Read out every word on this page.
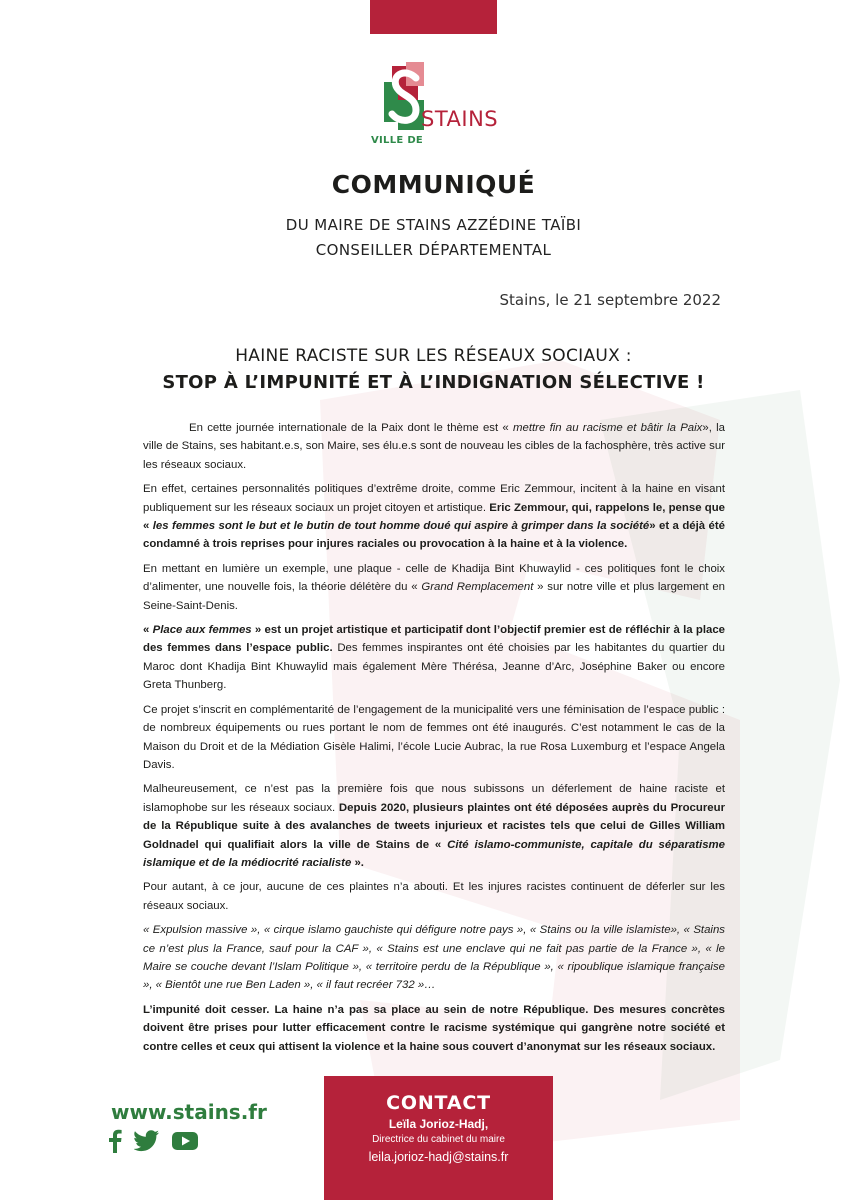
STAINS
VILLE DE
COMMUNIQUÉ
DU MAIRE DE STAINS AZZÉDINE TAÏBI
CONSEILLER DÉPARTEMENTAL
Stains, le 21 septembre 2022
HAINE RACISTE SUR LES RÉSEAUX SOCIAUX :
STOP À L’IMPUNITÉ ET À L’INDIGNATION SÉLECTIVE !

En cette journée internationale de la Paix dont le thème est « mettre fin au racisme et bâtir la Paix», la ville de Stains, ses habitant.e.s, son Maire, ses élu.e.s sont de nouveau les cibles de la fachosphère, très active sur les réseaux sociaux.

En effet, certaines personnalités politiques d’extrême droite, comme Eric Zemmour, incitent à la haine en visant publiquement sur les réseaux sociaux un projet citoyen et artistique. Eric Zemmour, qui, rappelons le, pense que « les femmes sont le but et le butin de tout homme doué qui aspire à grimper dans la société» et a déjà été condamné à trois reprises pour injures raciales ou provocation à la haine et à la violence.

En mettant en lumière un exemple, une plaque - celle de Khadija Bint Khuwaylid - ces politiques font le choix d’alimenter, une nouvelle fois, la théorie délétère du « Grand Remplacement » sur notre ville et plus largement en Seine-Saint-Denis.

« Place aux femmes » est un projet artistique et participatif dont l’objectif premier est de réfléchir à la place des femmes dans l’espace public. Des femmes inspirantes ont été choisies par les habitantes du quartier du Maroc dont Khadija Bint Khuwaylid mais également Mère Thérésa, Jeanne d’Arc, Joséphine Baker ou encore Greta Thunberg.

Ce projet s’inscrit en complémentarité de l’engagement de la municipalité vers une féminisation de l’espace public : de nombreux équipements ou rues portant le nom de femmes ont été inaugurés. C’est notamment le cas de la Maison du Droit et de la Médiation Gisèle Halimi, l’école Lucie Aubrac, la rue Rosa Luxemburg et l’espace Angela Davis.

Malheureusement, ce n’est pas la première fois que nous subissons un déferlement de haine raciste et islamophobe sur les réseaux sociaux. Depuis 2020, plusieurs plaintes ont été déposées auprès du Procureur de la République suite à des avalanches de tweets injurieux et racistes tels que celui de Gilles William Goldnadel qui qualifiait alors la ville de Stains de « Cité islamo-communiste, capitale du séparatisme islamique et de la médiocrité racialiste ».

Pour autant, à ce jour, aucune de ces plaintes n’a abouti. Et les injures racistes continuent de déferler sur les réseaux sociaux.

« Expulsion massive », « cirque islamo gauchiste qui défigure notre pays », « Stains ou la ville islamiste», « Stains ce n’est plus la France, sauf pour la CAF », « Stains est une enclave qui ne fait pas partie de la France », « le Maire se couche devant l’Islam Politique », « territoire perdu de la République », « ripoublique islamique française », « Bientôt une rue Ben Laden », « il faut recréer 732 »…

L’impunité doit cesser. La haine n’a pas sa place au sein de notre République. Des mesures concrètes doivent être prises pour lutter efficacement contre le racisme systémique qui gangrène notre société et contre celles et ceux qui attisent la violence et la haine sous couvert d’anonymat sur les réseaux sociaux.

www.stains.fr	CONTACT
Leïla Jorioz-Hadj,
Directrice du cabinet du maire
leila.jorioz-hadj@stains.fr
